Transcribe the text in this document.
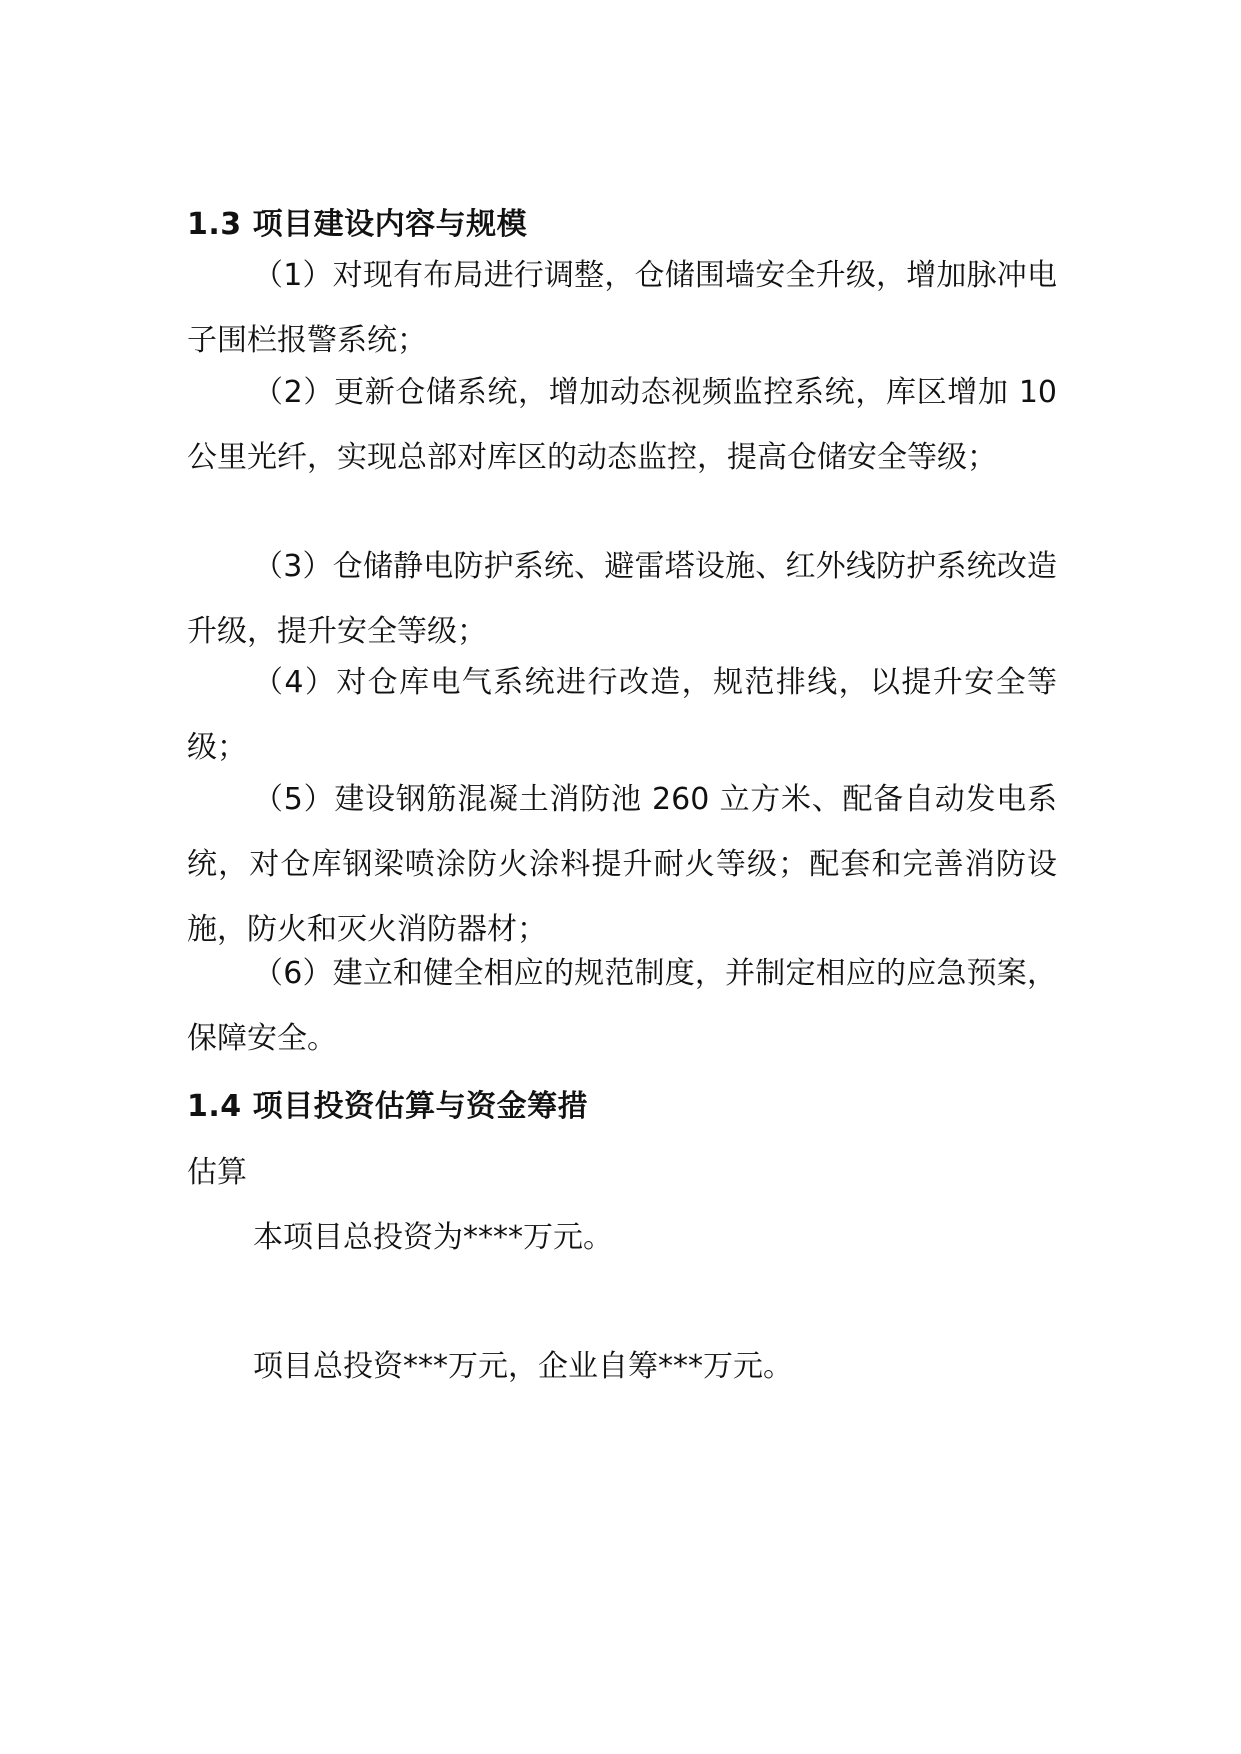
1.3 项目建设内容与规模
（1）对现有布局进行调整，仓储围墙安全升级，增加脉冲电子围栏报警系统；
（2）更新仓储系统，增加动态视频监控系统，库区增加 10 公里光纤，实现总部对库区的动态监控，提高仓储安全等级；
（3）仓储静电防护系统、避雷塔设施、红外线防护系统改造升级，提升安全等级；
（4）对仓库电气系统进行改造，规范排线，以提升安全等级；
（5）建设钢筋混凝土消防池 260 立方米、配备自动发电系统，对仓库钢梁喷涂防火涂料提升耐火等级；配套和完善消防设施，防火和灭火消防器材；
（6）建立和健全相应的规范制度，并制定相应的应急预案，保障安全。
1.4 项目投资估算与资金筹措
估算
本项目总投资为****万元。
项目总投资***万元，企业自筹***万元。
